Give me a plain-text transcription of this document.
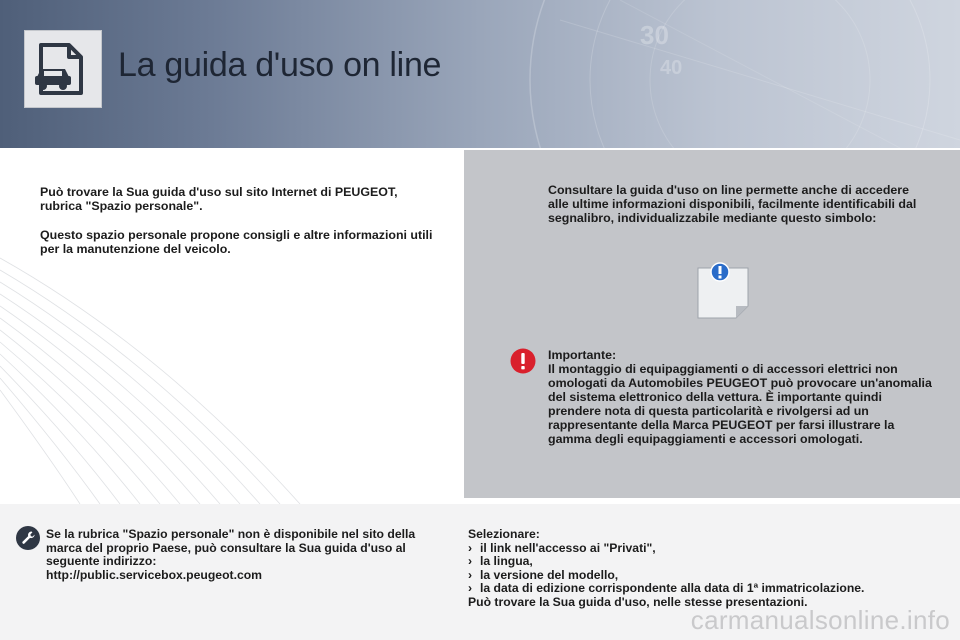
30
40
La guida d'uso on line

Può trovare la Sua guida d'uso sul sito Internet di PEUGEOT, rubrica "Spazio personale".

Questo spazio personale propone consigli e altre informazioni utili per la manutenzione del veicolo.

Consultare la guida d'uso on line permette anche di accedere alle ultime informazioni disponibili, facilmente identificabili dal segnalibro, individualizzabile mediante questo simbolo:

Importante:
Il montaggio di equipaggiamenti o di accessori elettrici non omologati da Automobiles PEUGEOT può provocare un'anomalia del sistema elettronico della vettura. È importante quindi prendere nota di questa particolarità e rivolgersi ad un rappresentante della Marca PEUGEOT per farsi illustrare la gamma degli equipaggiamenti e accessori omologati.
Se la rubrica "Spazio personale" non è disponibile nel sito della marca del proprio Paese, può consultare la Sua guida d'uso al seguente indirizzo:
http://public.servicebox.peugeot.com
Selezionare:
› il link nell'accesso ai "Privati",
› la lingua,
› la versione del modello,
› la data di edizione corrispondente alla data di 1ª immatricolazione.
Può trovare la Sua guida d'uso, nelle stesse presentazioni.
carmanualsonline.info
